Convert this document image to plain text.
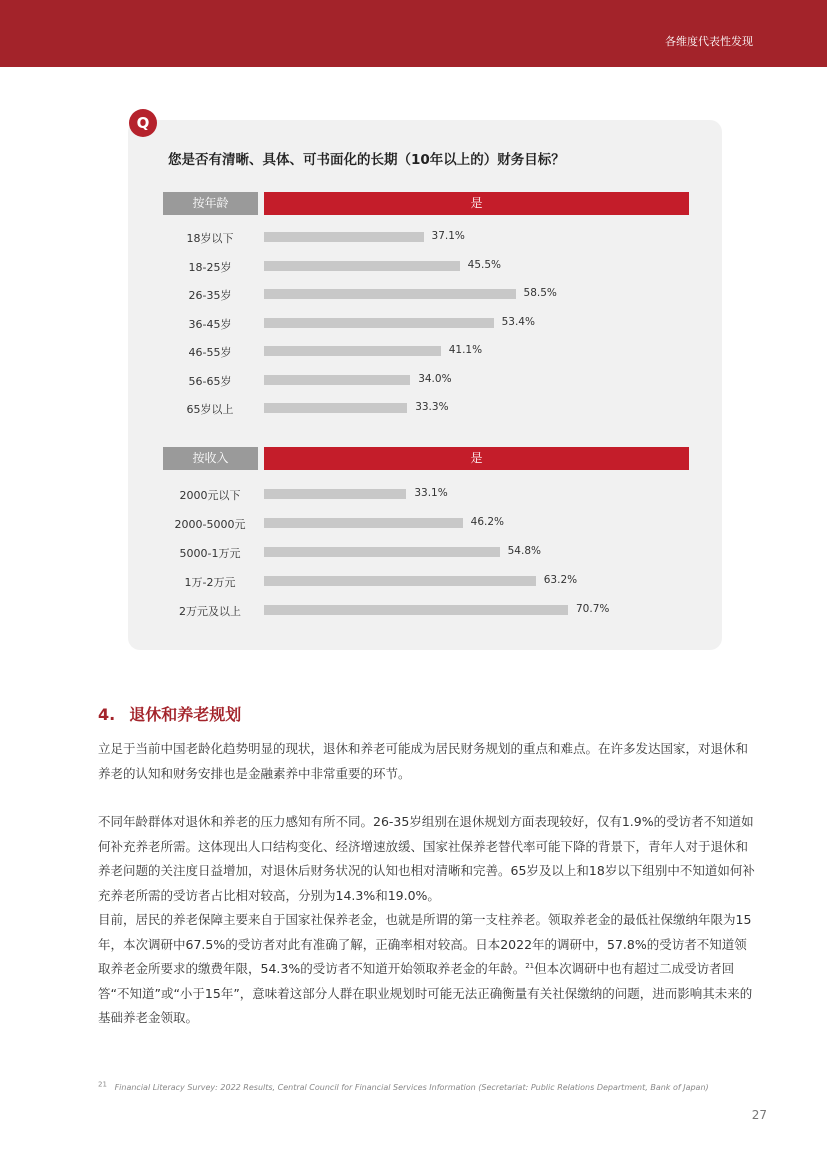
各维度代表性发现
Q
您是否有清晰、具体、可书面化的长期（10年以上的）财务目标？
按年龄	是
18岁以下	37.1%
18-25岁	45.5%
26-35岁	58.5%
36-45岁	53.4%
46-55岁	41.1%
56-65岁	34.0%
65岁以上	33.3%
按收入	是
2000元以下	33.1%
2000-5000元	46.2%
5000-1万元	54.8%
1万-2万元	63.2%
2万元及以上	70.7%
4. 退休和养老规划
立足于当前中国老龄化趋势明显的现状，退休和养老可能成为居民财务规划的重点和难点。在许多发达国家，对退休和养老的认知和财务安排也是金融素养中非常重要的环节。
不同年龄群体对退休和养老的压力感知有所不同。26-35岁组别在退休规划方面表现较好，仅有1.9%的受访者不知道如何补充养老所需。这体现出人口结构变化、经济增速放缓、国家社保养老替代率可能下降的背景下，青年人对于退休和养老问题的关注度日益增加，对退休后财务状况的认知也相对清晰和完善。65岁及以上和18岁以下组别中不知道如何补充养老所需的受访者占比相对较高，分别为14.3%和19.0%。
目前，居民的养老保障主要来自于国家社保养老金，也就是所谓的第一支柱养老。领取养老金的最低社保缴纳年限为15年，本次调研中67.5%的受访者对此有准确了解，正确率相对较高。日本2022年的调研中，57.8%的受访者不知道领取养老金所要求的缴费年限，54.3%的受访者不知道开始领取养老金的年龄。$^{21}$但本次调研中也有超过二成受访者回答“不知道”或“小于15年”，意味着这部分人群在职业规划时可能无法正确衡量有关社保缴纳的问题，进而影响其未来的基础养老金领取。
$^{21}$ Financial Literacy Survey: 2022 Results, Central Council for Financial Services Information (Secretariat: Public Relations Department, Bank of Japan)
27
